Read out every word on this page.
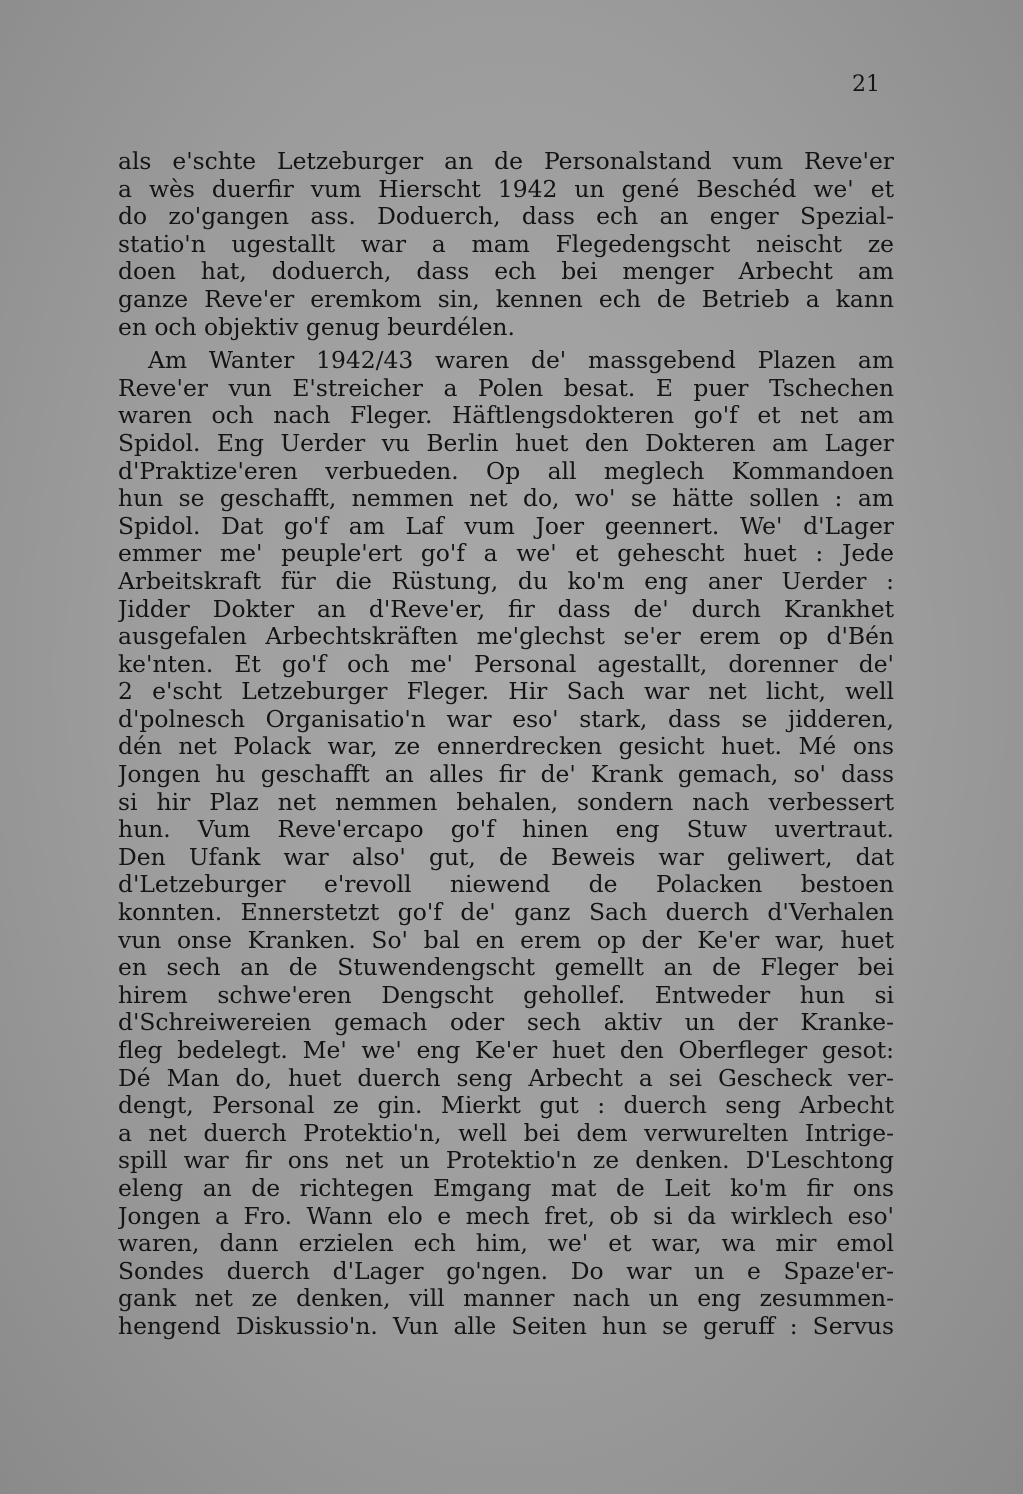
21
als e'schte Letzeburger an de Personalstand vum Reve'er
a wès duerfir vum Hierscht 1942 un gené Beschéd we' et
do zo'gangen ass. Doduerch, dass ech an enger Spezial-
statio'n ugestallt war a mam Flegedengscht neischt ze
doen hat, doduerch, dass ech bei menger Arbecht am
ganze Reve'er eremkom sin, kennen ech de Betrieb a kann
en och objektiv genug beurdélen.
Am Wanter 1942/43 waren de' massgebend Plazen am
Reve'er vun E'streicher a Polen besat. E puer Tschechen
waren och nach Fleger. Häftlengsdokteren go'f et net am
Spidol. Eng Uerder vu Berlin huet den Dokteren am Lager
d'Praktize'eren verbueden. Op all meglech Kommandoen
hun se geschafft, nemmen net do, wo' se hätte sollen : am
Spidol. Dat go'f am Laf vum Joer geennert. We' d'Lager
emmer me' peuple'ert go'f a we' et gehescht huet : Jede
Arbeitskraft für die Rüstung, du ko'm eng aner Uerder :
Jidder Dokter an d'Reve'er, fir dass de' durch Krankhet
ausgefalen Arbechtskräften me'glechst se'er erem op d'Bén
ke'nten. Et go'f och me' Personal agestallt, dorenner de'
2 e'scht Letzeburger Fleger. Hir Sach war net licht, well
d'polnesch Organisatio'n war eso' stark, dass se jidderen,
dén net Polack war, ze ennerdrecken gesicht huet. Mé ons
Jongen hu geschafft an alles fir de' Krank gemach, so' dass
si hir Plaz net nemmen behalen, sondern nach verbessert
hun. Vum Reve'ercapo go'f hinen eng Stuw uvertraut.
Den Ufank war also' gut, de Beweis war geliwert, dat
d'Letzeburger e'revoll niewend de Polacken bestoen
konnten. Ennerstetzt go'f de' ganz Sach duerch d'Verhalen
vun onse Kranken. So' bal en erem op der Ke'er war, huet
en sech an de Stuwendengscht gemellt an de Fleger bei
hirem schwe'eren Dengscht gehollef. Entweder hun si
d'Schreiwereien gemach oder sech aktiv un der Kranke-
fleg bedelegt. Me' we' eng Ke'er huet den Oberfleger gesot:
Dé Man do, huet duerch seng Arbecht a sei Gescheck ver-
dengt, Personal ze gin. Mierkt gut : duerch seng Arbecht
a net duerch Protektio'n, well bei dem verwurelten Intrige-
spill war fir ons net un Protektio'n ze denken. D'Leschtong
eleng an de richtegen Emgang mat de Leit ko'm fir ons
Jongen a Fro. Wann elo e mech fret, ob si da wirklech eso'
waren, dann erzielen ech him, we' et war, wa mir emol
Sondes duerch d'Lager go'ngen. Do war un e Spaze'er-
gank net ze denken, vill manner nach un eng zesummen-
hengend Diskussio'n. Vun alle Seiten hun se geruff : Servus
